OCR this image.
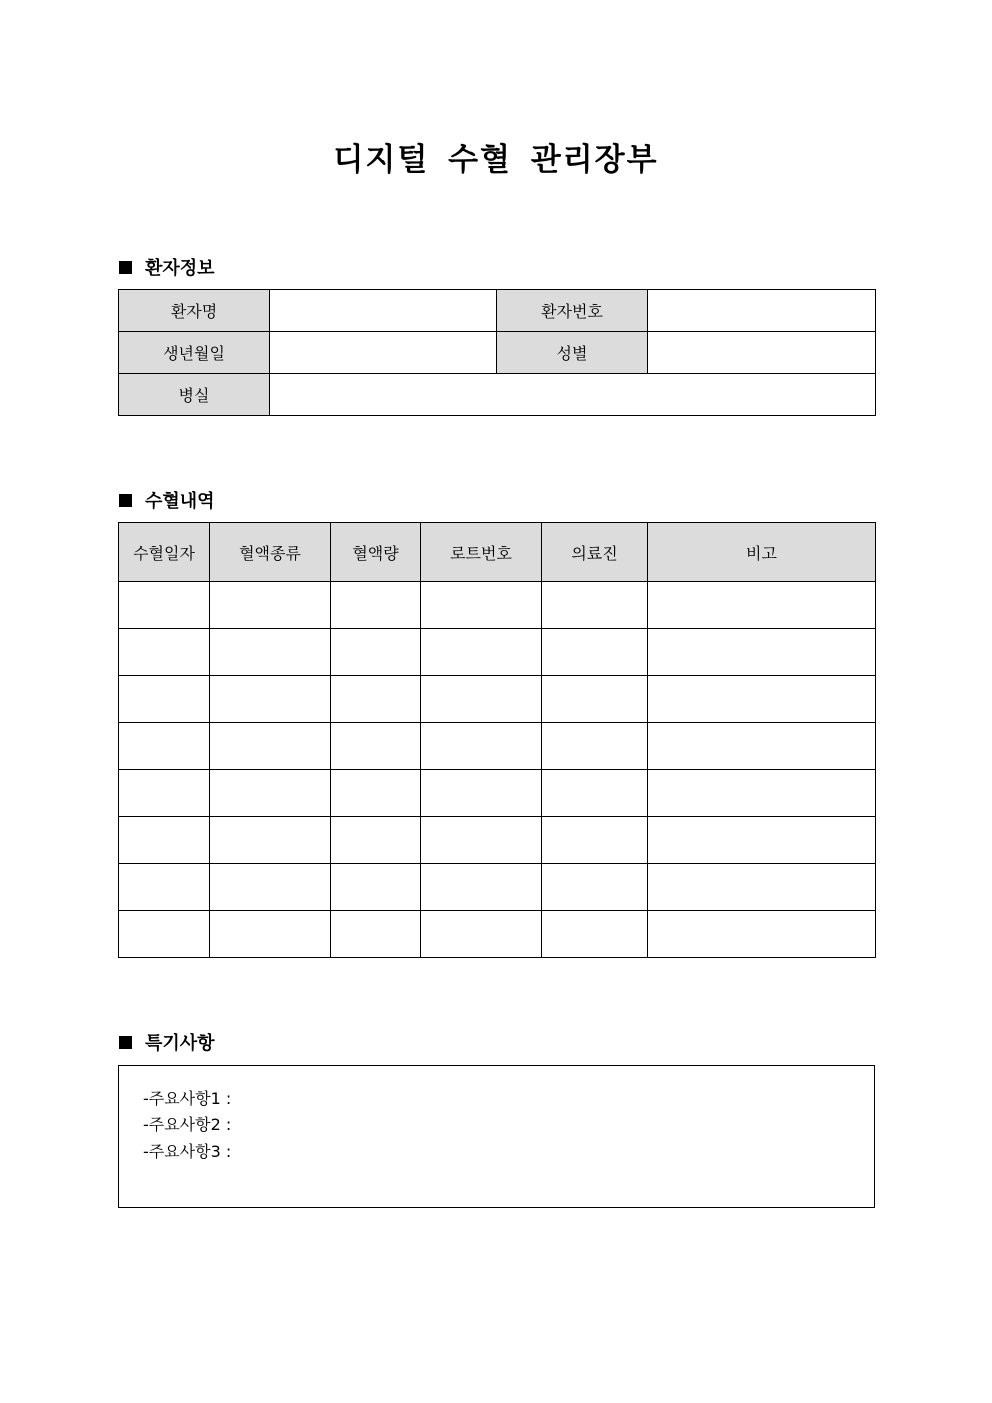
디지털 수혈 관리장부
환자정보
환자명		환자번호	
생년월일		성별	
병실			
수혈내역
수혈일자	혈액종류	혈액량	로트번호	의료진	비고

특기사항
-주요사항1 :
-주요사항2 :
-주요사항3 :
